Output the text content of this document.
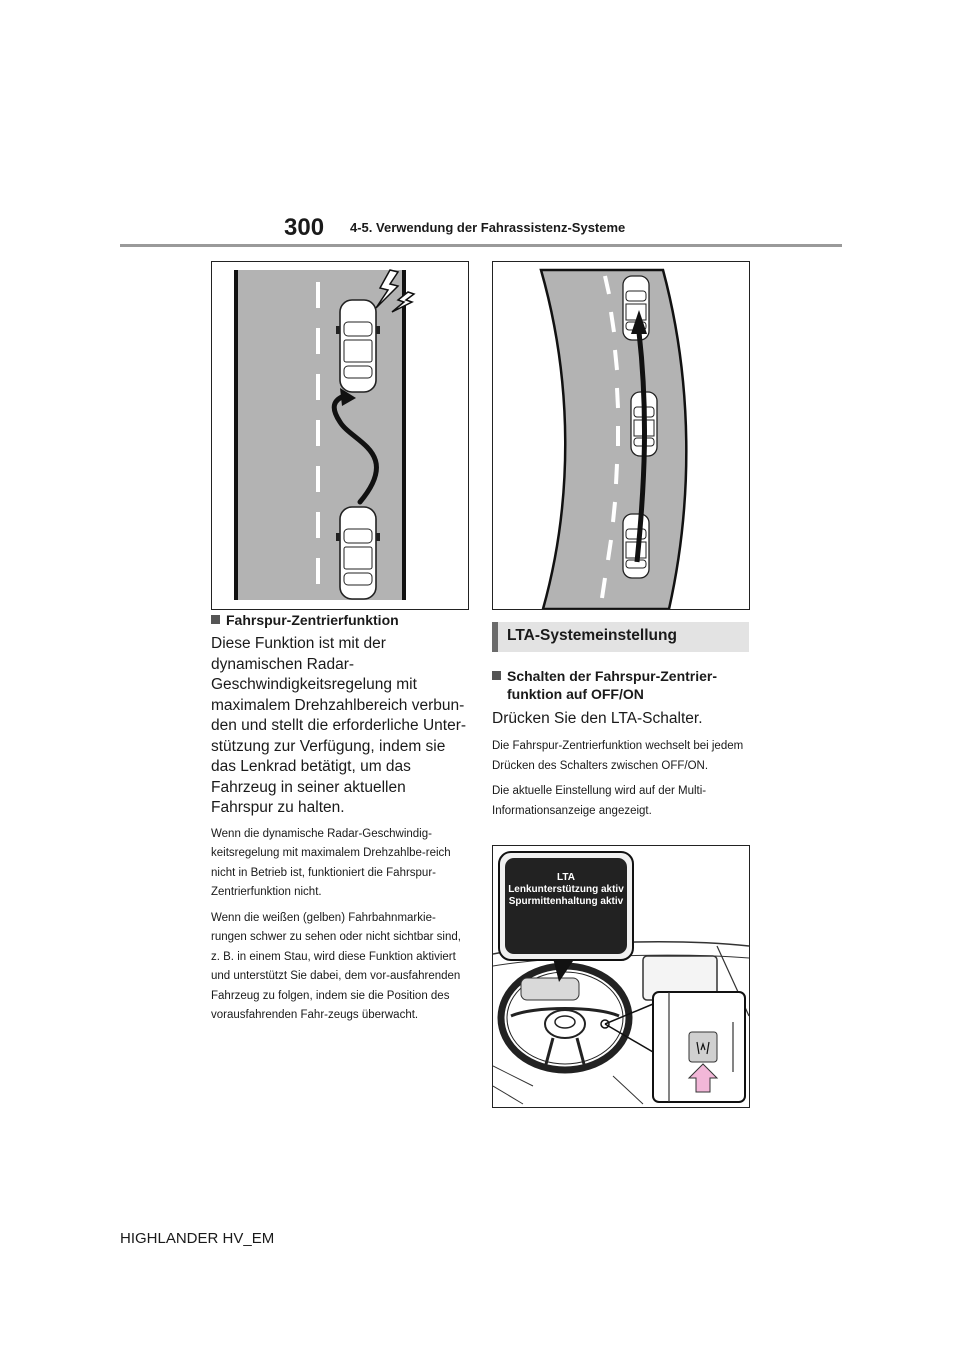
300 4-5. Verwendung der Fahrassistenz-Systeme

Fahrspur-Zentrierfunktion

Diese Funktion ist mit der dynamischen Radar-Geschwindigkeitsregelung mit maximalem Drehzahlbereich verbun-den und stellt die erforderliche Unter-stützung zur Verfügung, indem sie das Lenkrad betätigt, um das Fahrzeug in seiner aktuellen Fahrspur zu halten.

Wenn die dynamische Radar-Geschwindig-keitsregelung mit maximalem Drehzahlbe-reich nicht in Betrieb ist, funktioniert die Fahrspur-Zentrierfunktion nicht.

Wenn die weißen (gelben) Fahrbahnmarkie-rungen schwer zu sehen oder nicht sichtbar sind, z. B. in einem Stau, wird diese Funktion aktiviert und unterstützt Sie dabei, dem vor-ausfahrenden Fahrzeug zu folgen, indem sie die Position des vorausfahrenden Fahr-zeugs überwacht.

LTA-Systemeinstellung

Schalten der Fahrspur-Zentrier-
funktion auf OFF/ON

Drücken Sie den LTA-Schalter.

Die Fahrspur-Zentrierfunktion wechselt bei jedem Drücken des Schalters zwischen OFF/ON.

Die aktuelle Einstellung wird auf der Multi-Informationsanzeige angezeigt.

LTA
Lenkunterstützung aktiv
Spurmittenhaltung aktiv
HIGHLANDER HV_EM
